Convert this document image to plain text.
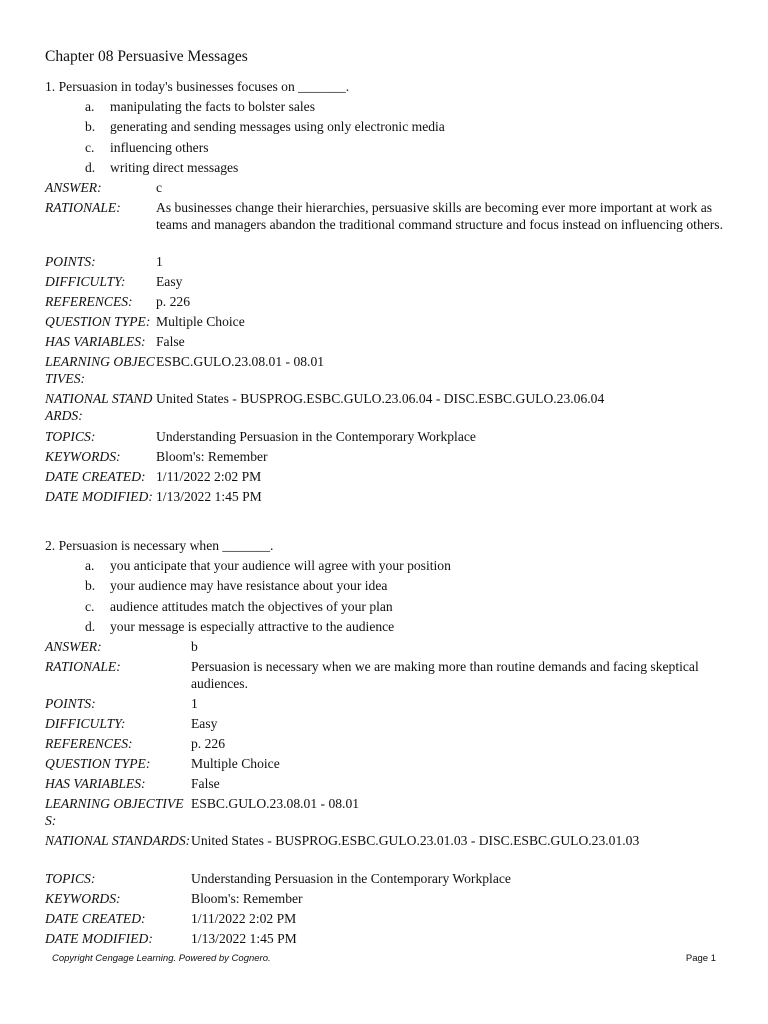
Chapter 08 Persuasive Messages
1. Persuasion in today's businesses focuses on _______.
a.	manipulating the facts to bolster sales
b.	generating and sending messages using only electronic media
c.	influencing others
d.	writing direct messages
ANSWER:	c
RATIONALE:	As businesses change their hierarchies, persuasive skills are becoming ever more important at work as teams and managers abandon the traditional command structure and focus instead on influencing others.
POINTS:	1
DIFFICULTY:	Easy
REFERENCES:	p. 226
QUESTION TYPE: Multiple Choice
HAS VARIABLES: False
LEARNING OBJECTIVES:
ESBC.GULO.23.08.01 - 08.01
NATIONAL STANDARDS:
United States - BUSPROG.ESBC.GULO.23.06.04 - DISC.ESBC.GULO.23.06.04
TOPICS:	Understanding Persuasion in the Contemporary Workplace
KEYWORDS:	Bloom's: Remember
DATE CREATED: 1/11/2022 2:02 PM
DATE MODIFIED: 1/13/2022 1:45 PM
2. Persuasion is necessary when _______.
a.	you anticipate that your audience will agree with your position
b.	your audience may have resistance about your idea
c.	audience attitudes match the objectives of your plan
d.	your message is especially attractive to the audience
ANSWER:	b
RATIONALE:	Persuasion is necessary when we are making more than routine demands and facing skeptical audiences.
POINTS:	1
DIFFICULTY:	Easy
REFERENCES:	p. 226
QUESTION TYPE:	Multiple Choice
HAS VARIABLES:	False
LEARNING OBJECTIVES:
ESBC.GULO.23.08.01 - 08.01
NATIONAL STANDARDS: United States - BUSPROG.ESBC.GULO.23.01.03 - DISC.ESBC.GULO.23.01.03
TOPICS:	Understanding Persuasion in the Contemporary Workplace
KEYWORDS:	Bloom's: Remember
DATE CREATED:	1/11/2022 2:02 PM
DATE MODIFIED:	1/13/2022 1:45 PM
Copyright Cengage Learning. Powered by Cognero.	Page 1
